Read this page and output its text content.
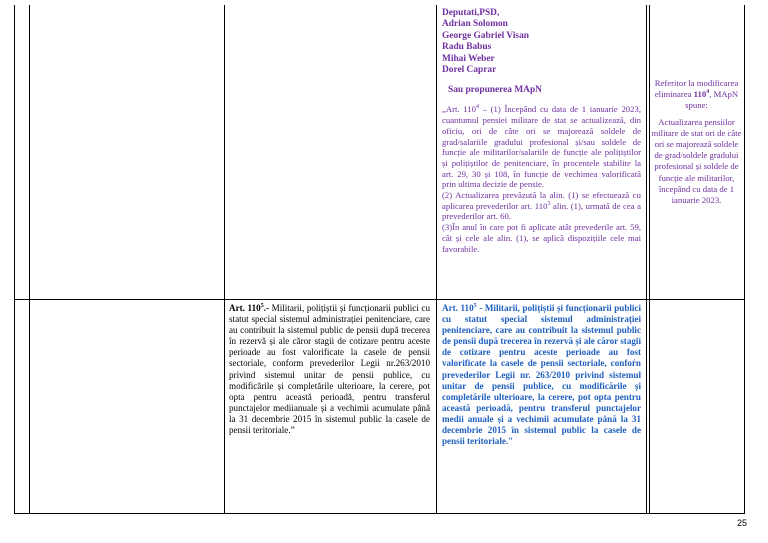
Deputati,PSD,
Adrian Solomon
George Gabriel Visan
Radu Babus
Mihai Weber
Dorel Caprar
Sau propunerea MApN

„Art. $110^4 - (1)$ Începând cu data de 1 ianuarie 2023, cuantumul pensiei militare de stat se actualizează, din oficiu, ori de câte ori se majorează soldele de grad/salariile gradului profesional și/sau soldele de funcție ale militarilor/salariile de funcție ale polițiștilor și polițiștilor de penitenciare, în procentele stabilite la art. 29, 30 și 108, în funcție de vechimea valorificată prin ultima decizie de pensie.

(2) Actualizarea prevăzută la alin. (1) se efectuează cu aplicarea prevederilor art. $110^3$ alin. (1), urmată de cea a prevederilor art. 60.

(3)În anul în care pot fi aplicate atât prevederile art. 59, cât și cele ale alin. (1), se aplică dispozițiile cele mai favorabile.

Referitor la modificarea eliminarea $110^4$, MApN spune:

Actualizarea pensiilor militare de stat ori de câte ori se majorează soldele de grad/soldele gradului profesional și soldele de funcție ale militarilor, începând cu data de 1 ianuarie 2023.

Art. $110^5.-$ Militarii, polițiștii și funcționarii publici cu statut special sistemul administrației penitenciare, care au contribuit la sistemul public de pensii după trecerea în rezervă și ale căror stagii de cotizare pentru aceste perioade au fost valorificate la casele de pensii sectoriale, conform prevederilor Legii nr.263/2010 privind sistemul unitar de pensii publice, cu modificările și completările ulterioare, la cerere, pot opta pentru această perioadă, pentru transferul punctajelor mediianuale și a vechimii acumulate până la 31 decembrie 2015 în sistemul public la casele de pensii teritoriale.”
Art. $110^5$ - Militarii, polițiștii și funcționarii publici cu statut special sistemul administrației penitenciare, care au contribuit la sistemul public de pensii după trecerea în rezervă și ale căror stagii de cotizare pentru aceste perioade au fost valorificate la casele de pensii sectoriale, confoŕn prevederilor Legii nr. 263/2010 privind sistemul unitar de pensii publice, cu modificările și completările ulterioare, la cerere, pot opta pentru această perioadă, pentru transferul punctajelor medii anuale și a vechimii acumulate până la 31 decembrie 2015 în sistemul public la casele de pensii teritoriale."
25
